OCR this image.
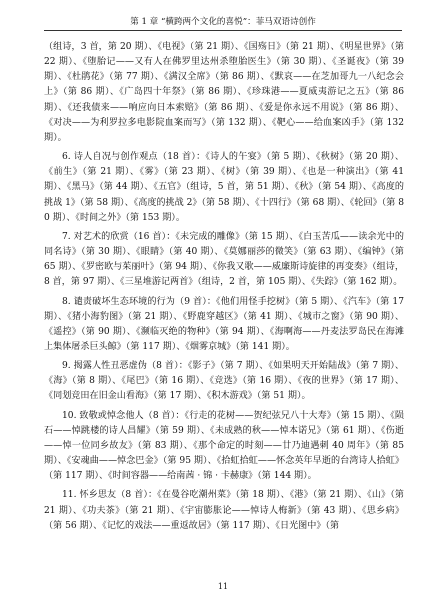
第 1 章 “横跨两个文化的喜悦”：菲马双语诗创作

（组诗，3 首，第 20 期）、《电视》（第 21 期）、《国殇日》（第 21 期）、《明星世界》（第 22 期）、《堕胎记——又有人在佛罗里达州杀堕胎医生》（第 30 期）、《圣诞夜》（第 39 期）、《杜鹃花》（第 77 期）、《满汉全席》（第 86 期）、《默哀——在芝加哥九一八纪念会上》（第 86 期）、《广岛四十年祭》（第 86 期）、《珍珠港——夏威夷游记之五》（第 86 期）、《还我债来——响应向日本索赔》（第 86 期）、《爱是你永远不用说》（第 86 期）、《对决——为利罗拉多电影院血案而写》（第 132 期）、《靶心——给血案凶手》（第 132 期）。

6. 诗人自况与创作观点（18 首）：《诗人的午宴》（第 5 期）、《秋树》（第 20 期）、《前生》（第 21 期）、《雾》（第 23 期）、《树》（第 39 期）、《也是一种演出》（第 41 期）、《黑马》（第 44 期）、《五官》（组诗，5 首，第 51 期）、《秋》（第 54 期）、《高度的挑战 1》（第 58 期）、《高度的挑战 2》（第 58 期）、《十四行》（第 68 期）、《轮回》（第 80 期）、《时间之外》（第 153 期）。

7. 对艺术的欣赏（16 首）：《未完成的雕像》（第 15 期）、《白玉苦瓜——读余光中的同名诗》（第 30 期）、《眼睛》（第 40 期）、《莫娜丽莎的微笑》（第 63 期）、《编钟》（第 65 期）、《罗密欧与茱丽叶》（第 94 期）、《你我又歌——威廉斯诗旋律的再变奏》（组诗，8 首，第 97 期）、《三星堆游记两首》（组诗，2 首，第 105 期）、《失踪》（第 162 期）。

8. 谴责破坏生态环境的行为（9 首）：《他们用怪手挖树》（第 5 期）、《汽车》（第 17 期）、《猪小海豹图》（第 21 期）、《野鹿穿越区》（第 41 期）、《城市之窗》（第 90 期）、《遥控》（第 90 期）、《濒临灭绝的物种》（第 94 期）、《海啊海——丹麦法罗岛民在海滩上集体屠杀巨头鲸》（第 117 期）、《烟雾京城》（第 141 期）。

9. 揭露人性丑恶虚伪（8 首）：《影子》（第 7 期）、《如果明天开始陆战》（第 7 期）、《海》（第 8 期）、《尾巴》（第 16 期）、《竞选》（第 16 期）、《夜的世界》（第 17 期）、《同划竞田在旧金山看海》（第 17 期）、《积木游戏》（第 51 期）。

10. 致敬或悼念他人（8 首）：《行走的花树——贺纪弦兄八十大寿》（第 15 期）、《陨石——悼跳楼的诗人昌耀》（第 59 期）、《未成熟的秋——悼本诺兄》（第 61 期）、《伤逝——悼一位同乡故友》（第 83 期）、《那个命定的时刻——廿乃迪遇刺 40 周年》（第 85 期）、《安魂曲——悼念巴金》（第 95 期）、《拾虹拾虹——怀念英年早逝的台湾诗人拾虹》（第 117 期）、《时间容器——给南茜 · 锦 · 卡赫康》（第 144 期）。

11. 怀乡思友（8 首）：《在曼谷吃潮州菜》（第 18 期）、《港》（第 21 期）、《山》（第 21 期）、《功夫茶》（第 21 期）、《宇宙膨胀论——悼诗人梅新》（第 43 期）、《思乡病》（第 56 期）、《记忆的戏法——重返故居》（第 117 期）、《日光图中》（第

11
